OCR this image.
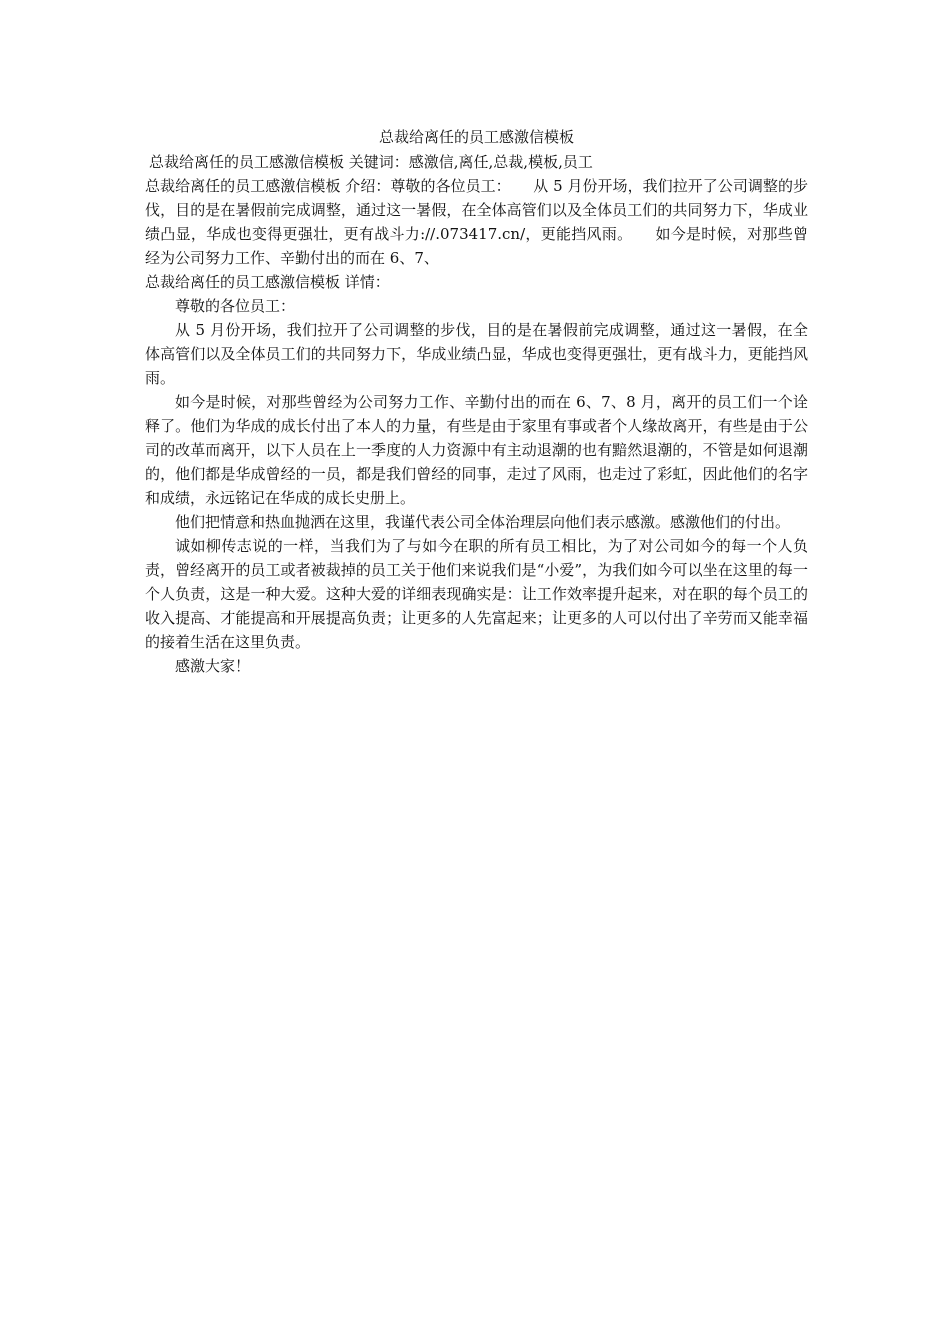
总裁给离任的员工感激信模板

总裁给离任的员工感激信模板 关键词：感激信,离任,总裁,模板,员工

总裁给离任的员工感激信模板 介绍：尊敬的各位员工：　　从 5 月份开场，我们拉开了公司调整的步伐，目的是在暑假前完成调整，通过这一暑假，在全体高管们以及全体员工们的共同努力下，华成业绩凸显，华成也变得更强壮，更有战斗力://.073417.cn/，更能挡风雨。　　如今是时候，对那些曾经为公司努力工作、辛勤付出的而在 6、7、

总裁给离任的员工感激信模板 详情：

尊敬的各位员工：

从 5 月份开场，我们拉开了公司调整的步伐，目的是在暑假前完成调整，通过这一暑假，在全体高管们以及全体员工们的共同努力下，华成业绩凸显，华成也变得更强壮，更有战斗力，更能挡风雨。

如今是时候，对那些曾经为公司努力工作、辛勤付出的而在 6、7、8 月，离开的员工们一个诠释了。他们为华成的成长付出了本人的力量，有些是由于家里有事或者个人缘故离开，有些是由于公司的改革而离开，以下人员在上一季度的人力资源中有主动退潮的也有黯然退潮的，不管是如何退潮的，他们都是华成曾经的一员，都是我们曾经的同事，走过了风雨，也走过了彩虹，因此他们的名字和成绩，永远铭记在华成的成长史册上。

他们把情意和热血抛洒在这里，我谨代表公司全体治理层向他们表示感激。感激他们的付出。

诚如柳传志说的一样，当我们为了与如今在职的所有员工相比，为了对公司如今的每一个人负责，曾经离开的员工或者被裁掉的员工关于他们来说我们是“小爱”，为我们如今可以坐在这里的每一个人负责，这是一种大爱。这种大爱的详细表现确实是：让工作效率提升起来，对在职的每个员工的收入提高、才能提高和开展提高负责；让更多的人先富起来；让更多的人可以付出了辛劳而又能幸福的接着生活在这里负责。

感激大家！
